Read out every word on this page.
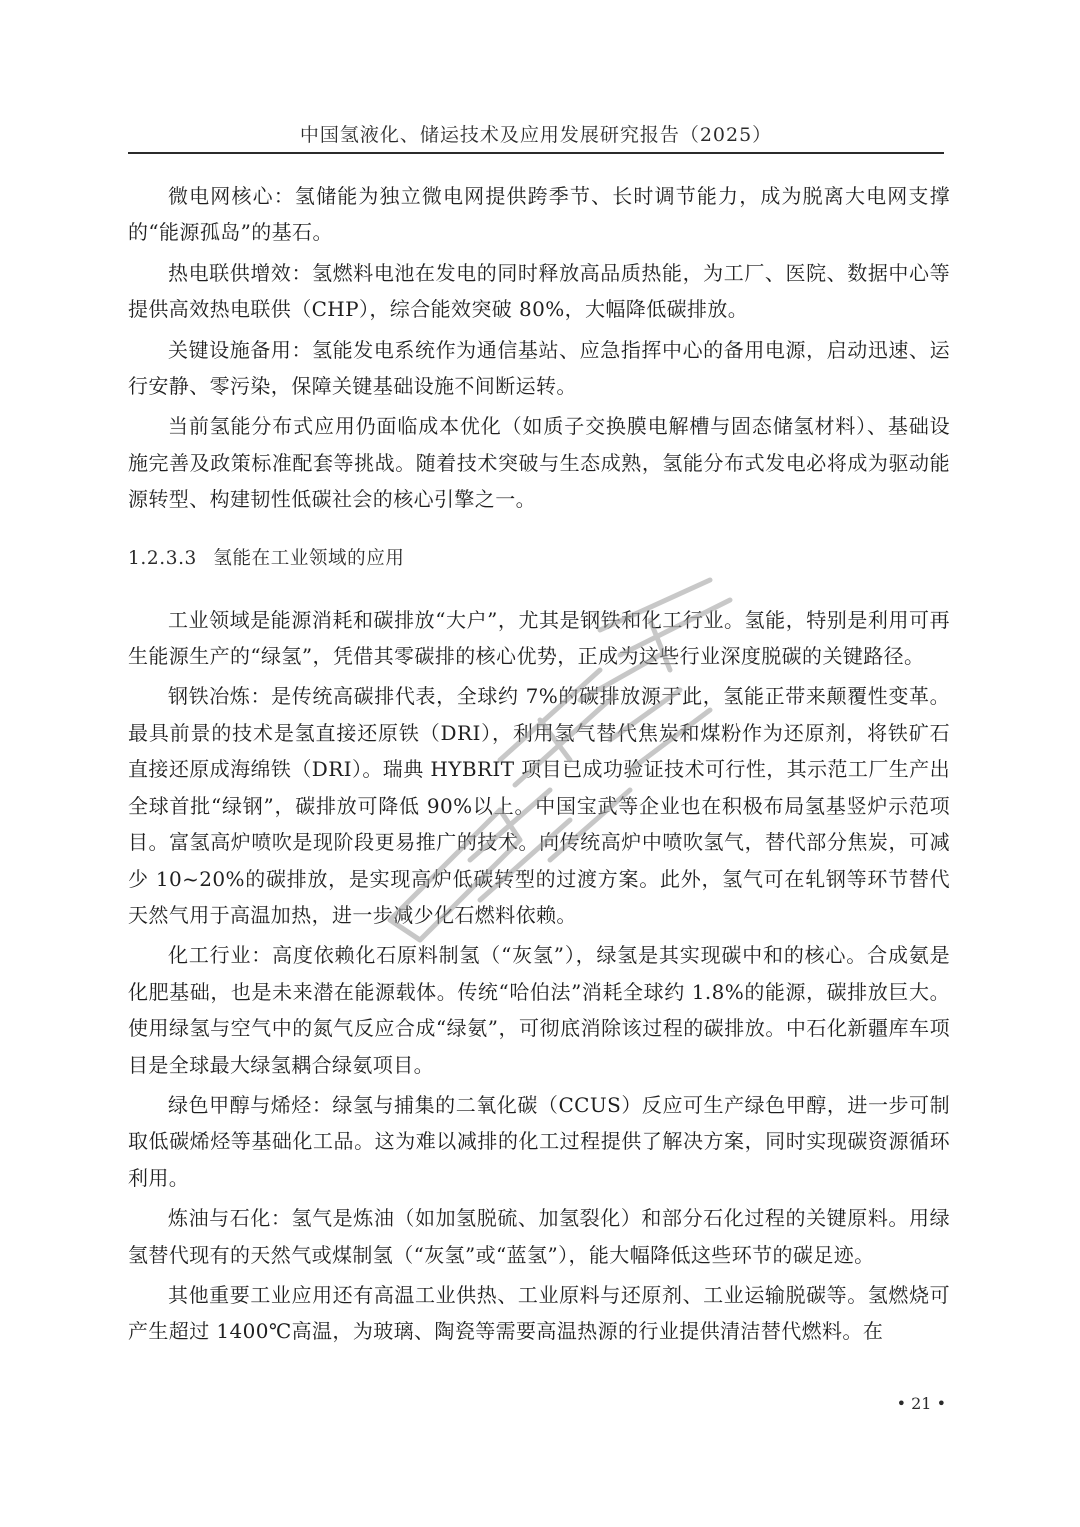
中国氢液化、储运技术及应用发展研究报告（2025）

微电网核心：氢储能为独立微电网提供跨季节、长时调节能力，成为脱离大电网支撑的“能源孤岛”的基石。

热电联供增效：氢燃料电池在发电的同时释放高品质热能，为工厂、医院、数据中心等提供高效热电联供（CHP），综合能效突破 80%，大幅降低碳排放。

关键设施备用：氢能发电系统作为通信基站、应急指挥中心的备用电源，启动迅速、运行安静、零污染，保障关键基础设施不间断运转。

当前氢能分布式应用仍面临成本优化（如质子交换膜电解槽与固态储氢材料）、基础设施完善及政策标准配套等挑战。随着技术突破与生态成熟，氢能分布式发电必将成为驱动能源转型、构建韧性低碳社会的核心引擎之一。

1.2.3.3 氢能在工业领域的应用

工业领域是能源消耗和碳排放“大户”，尤其是钢铁和化工行业。氢能，特别是利用可再生能源生产的“绿氢”，凭借其零碳排的核心优势，正成为这些行业深度脱碳的关键路径。

钢铁冶炼：是传统高碳排代表，全球约 7%的碳排放源于此，氢能正带来颠覆性变革。最具前景的技术是氢直接还原铁（DRI），利用氢气替代焦炭和煤粉作为还原剂，将铁矿石直接还原成海绵铁（DRI）。瑞典 HYBRIT 项目已成功验证技术可行性，其示范工厂生产出全球首批“绿钢”，碳排放可降低 90%以上。中国宝武等企业也在积极布局氢基竖炉示范项目。富氢高炉喷吹是现阶段更易推广的技术。向传统高炉中喷吹氢气，替代部分焦炭，可减少 10~20%的碳排放，是实现高炉低碳转型的过渡方案。此外，氢气可在轧钢等环节替代天然气用于高温加热，进一步减少化石燃料依赖。

化工行业：高度依赖化石原料制氢（“灰氢”），绿氢是其实现碳中和的核心。合成氨是化肥基础，也是未来潜在能源载体。传统“哈伯法”消耗全球约 1.8%的能源，碳排放巨大。使用绿氢与空气中的氮气反应合成“绿氨”，可彻底消除该过程的碳排放。中石化新疆库车项目是全球最大绿氢耦合绿氨项目。

绿色甲醇与烯烃：绿氢与捕集的二氧化碳（CCUS）反应可生产绿色甲醇，进一步可制取低碳烯烃等基础化工品。这为难以减排的化工过程提供了解决方案，同时实现碳资源循环利用。

炼油与石化：氢气是炼油（如加氢脱硫、加氢裂化）和部分石化过程的关键原料。用绿氢替代现有的天然气或煤制氢（“灰氢”或“蓝氢”），能大幅降低这些环节的碳足迹。

其他重要工业应用还有高温工业供热、工业原料与还原剂、工业运输脱碳等。氢燃烧可产生超过 1400℃高温，为玻璃、陶瓷等需要高温热源的行业提供清洁替代燃料。在

• 21 •
